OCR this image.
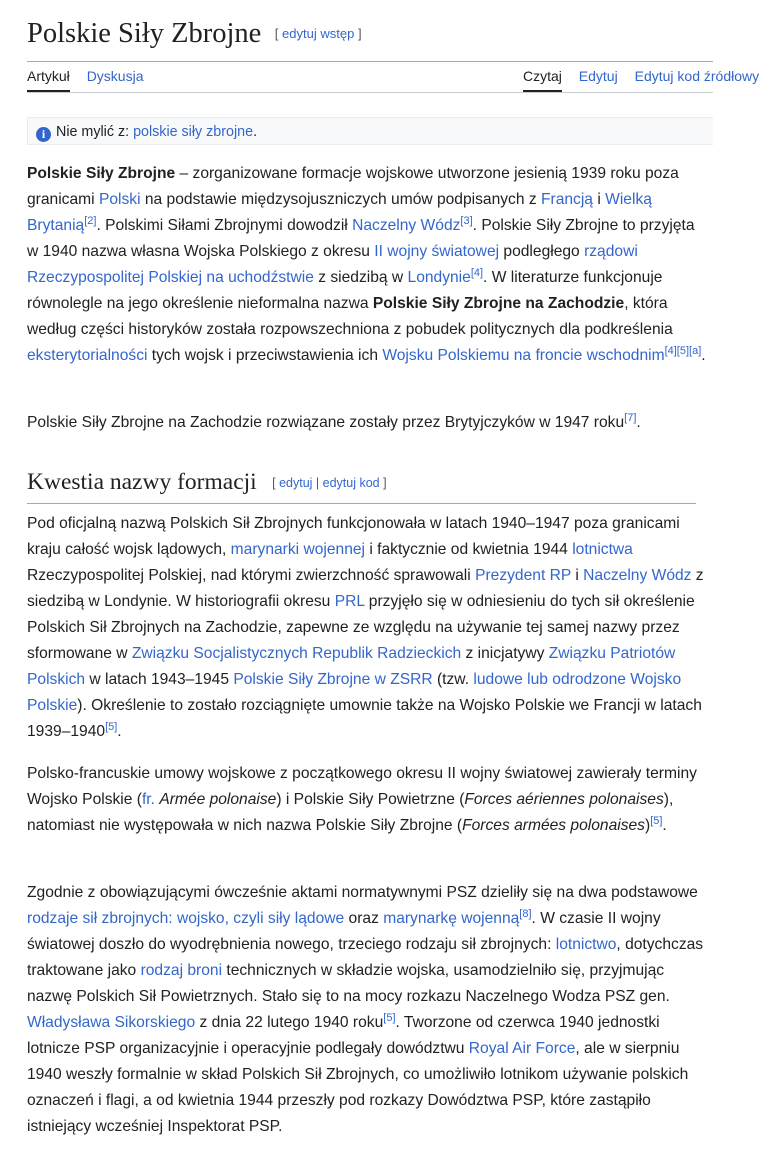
Polskie Siły Zbrojne [ edytuj wstęp ]
Artykuł Dyskusja	Czytaj Edytuj Edytuj kod źródłowy
i Nie mylić z: polskie siły zbrojne.

Polskie Siły Zbrojne – zorganizowane formacje wojskowe utworzone jesienią 1939 roku poza granicami Polski na podstawie międzysojuszniczych umów podpisanych z Francją i Wielką Brytanią[2]. Polskimi Siłami Zbrojnymi dowodził Naczelny Wódz[3]. Polskie Siły Zbrojne to przyjęta w 1940 nazwa własna Wojska Polskiego z okresu II wojny światowej podległego rządowi Rzeczypospolitej Polskiej na uchodźstwie z siedzibą w Londynie[4]. W literaturze funkcjonuje równolegle na jego określenie nieformalna nazwa Polskie Siły Zbrojne na Zachodzie, która według części historyków została rozpowszechniona z pobudek politycznych dla podkreślenia eksterytorialności tych wojsk i przeciwstawienia ich Wojsku Polskiemu na froncie wschodnim[4][5][a].

Polskie Siły Zbrojne na Zachodzie rozwiązane zostały przez Brytyjczyków w 1947 roku[7].

Kwestia nazwy formacji [ edytuj | edytuj kod ]

Pod oficjalną nazwą Polskich Sił Zbrojnych funkcjonowała w latach 1940–1947 poza granicami kraju całość wojsk lądowych, marynarki wojennej i faktycznie od kwietnia 1944 lotnictwa Rzeczypospolitej Polskiej, nad którymi zwierzchność sprawowali Prezydent RP i Naczelny Wódz z siedzibą w Londynie. W historiografii okresu PRL przyjęło się w odniesieniu do tych sił określenie Polskich Sił Zbrojnych na Zachodzie, zapewne ze względu na używanie tej samej nazwy przez sformowane w Związku Socjalistycznych Republik Radzieckich z inicjatywy Związku Patriotów Polskich w latach 1943–1945 Polskie Siły Zbrojne w ZSRR (tzw. ludowe lub odrodzone Wojsko Polskie). Określenie to zostało rozciągnięte umownie także na Wojsko Polskie we Francji w latach 1939–1940[5].

Polsko-francuskie umowy wojskowe z początkowego okresu II wojny światowej zawierały terminy Wojsko Polskie (fr. Armée polonaise) i Polskie Siły Powietrzne (Forces aériennes polonaises), natomiast nie występowała w nich nazwa Polskie Siły Zbrojne (Forces armées polonaises)[5].

Zgodnie z obowiązującymi ówcześnie aktami normatywnymi PSZ dzieliły się na dwa podstawowe rodzaje sił zbrojnych: wojsko, czyli siły lądowe oraz marynarkę wojenną[8]. W czasie II wojny światowej doszło do wyodrębnienia nowego, trzeciego rodzaju sił zbrojnych: lotnictwo, dotychczas traktowane jako rodzaj broni technicznych w składzie wojska, usamodzielniło się, przyjmując nazwę Polskich Sił Powietrznych. Stało się to na mocy rozkazu Naczelnego Wodza PSZ gen. Władysława Sikorskiego z dnia 22 lutego 1940 roku[5]. Tworzone od czerwca 1940 jednostki lotnicze PSP organizacyjnie i operacyjnie podlegały dowództwu Royal Air Force, ale w sierpniu 1940 weszły formalnie w skład Polskich Sił Zbrojnych, co umożliwiło lotnikom używanie polskich oznaczeń i flagi, a od kwietnia 1944 przeszły pod rozkazy Dowództwa PSP, które zastąpiło istniejący wcześniej Inspektorat PSP.
